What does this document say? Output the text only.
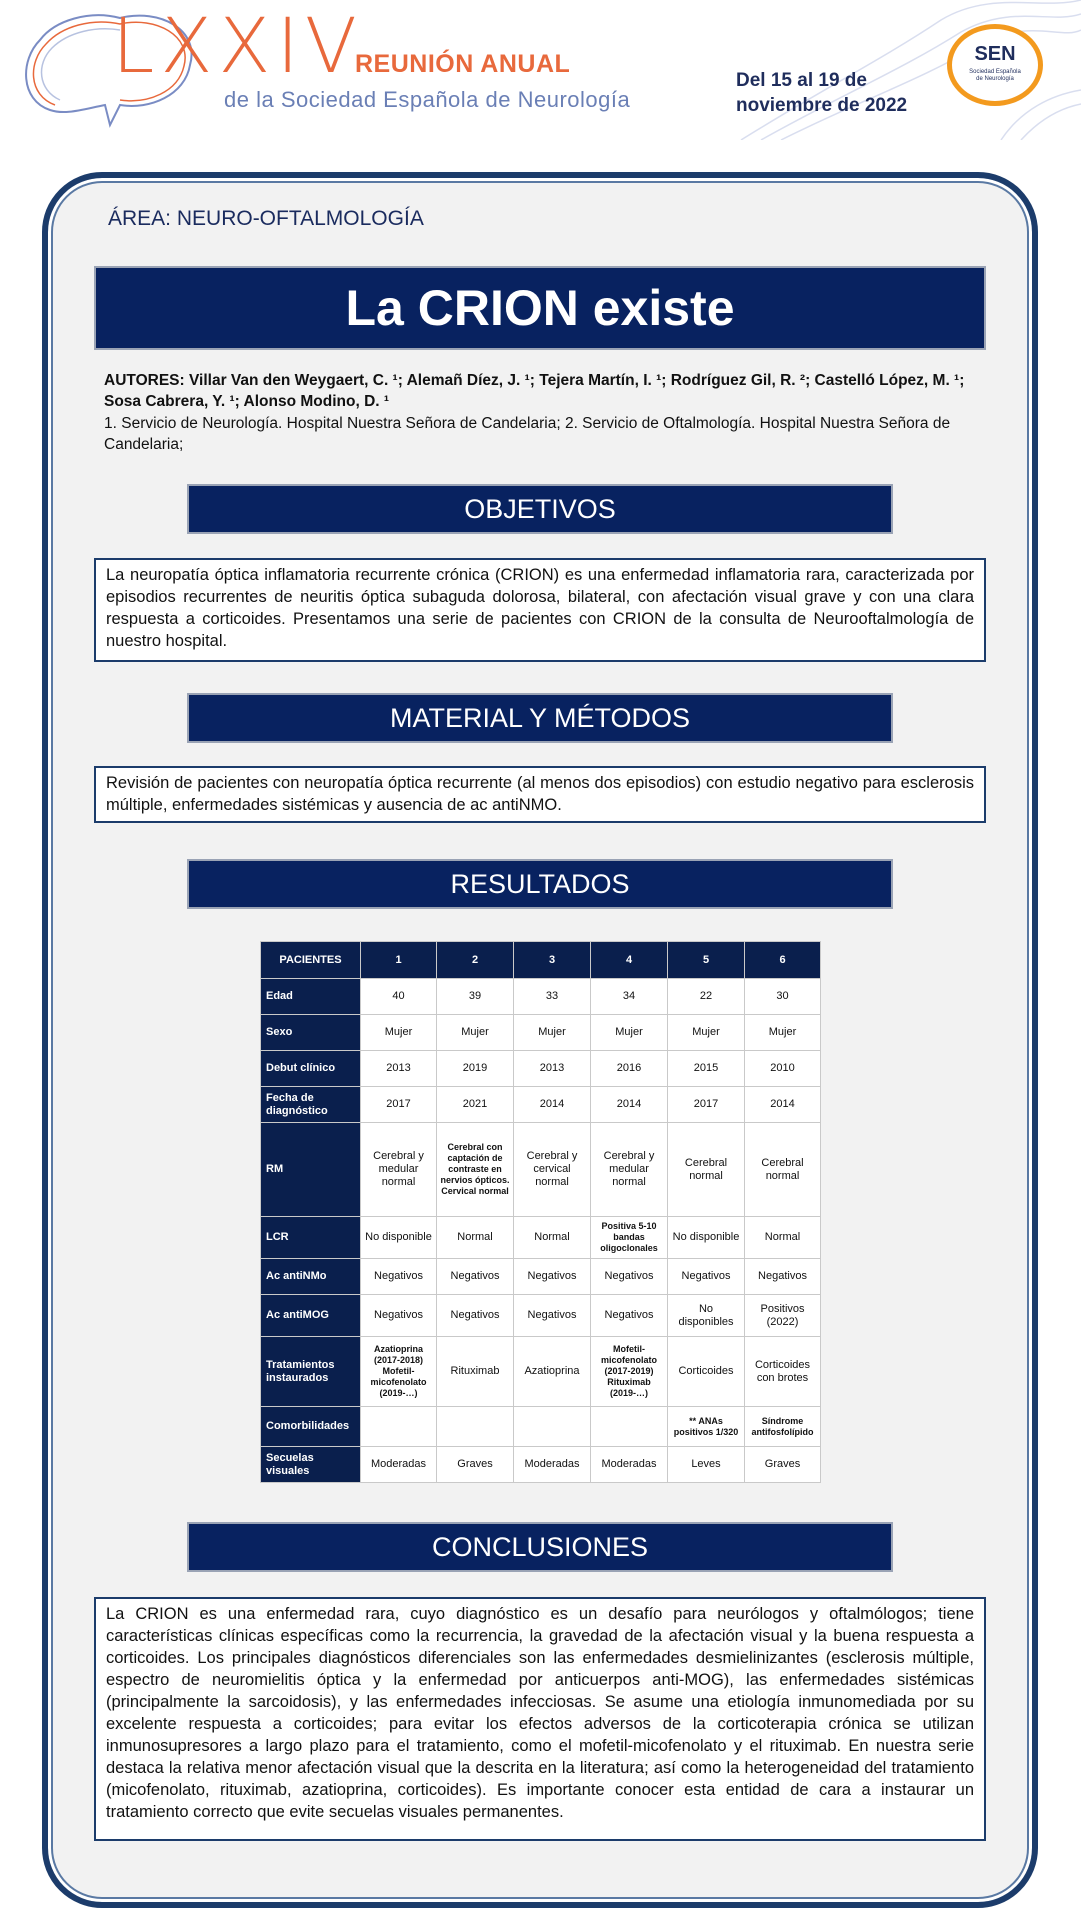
LXXIV
REUNIÓN ANUAL
de la Sociedad Española de Neurología
Del 15 al 19 de
noviembre de 2022
SEN
Sociedad Española
de Neurología
ÁREA: NEURO-OFTALMOLOGÍA
La CRION existe
AUTORES: Villar Van den Weygaert, C. ¹; Alemañ Díez, J. ¹; Tejera Martín, I. ¹; Rodríguez Gil, R. ²; Castelló López, M. ¹;
Sosa Cabrera, Y. ¹; Alonso Modino, D. ¹
1. Servicio de Neurología. Hospital Nuestra Señora de Candelaria; 2. Servicio de Oftalmología. Hospital Nuestra Señora de Candelaria;
OBJETIVOS
La neuropatía óptica inflamatoria recurrente crónica (CRION) es una enfermedad inflamatoria rara, caracterizada por episodios recurrentes de neuritis óptica subaguda dolorosa, bilateral, con afectación visual grave y con una clara respuesta a corticoides. Presentamos una serie de pacientes con CRION de la consulta de Neurooftalmología de nuestro hospital.
MATERIAL Y MÉTODOS
Revisión de pacientes con neuropatía óptica recurrente (al menos dos episodios) con estudio negativo para esclerosis múltiple, enfermedades sistémicas y ausencia de ac antiNMO.
RESULTADOS
PACIENTES	1	2	3	4	5	6
Edad	40	39	33	34	22	30
Sexo	Mujer	Mujer	Mujer	Mujer	Mujer	Mujer
Debut clínico	2013	2019	2013	2016	2015	2010
Fecha de diagnóstico	2017	2021	2014	2014	2017	2014
RM	Cerebral y medular normal	Cerebral con captación de contraste en nervios ópticos. Cervical normal	Cerebral y cervical normal	Cerebral y medular normal	Cerebral normal	Cerebral normal
LCR	No disponible	Normal	Normal	Positiva 5-10 bandas oligoclonales	No disponible	Normal
Ac antiNMo	Negativos	Negativos	Negativos	Negativos	Negativos	Negativos
Ac antiMOG	Negativos	Negativos	Negativos	Negativos	No disponibles	Positivos (2022)
Tratamientos instaurados	Azatioprina (2017-2018) Mofetil-micofenolato (2019-…)	Rituximab	Azatioprina	Mofetil-micofenolato (2017-2019) Rituximab (2019-…)	Corticoides	Corticoides con brotes
Comorbilidades					** ANAs positivos 1/320	Síndrome antifosfolípido
Secuelas visuales	Moderadas	Graves	Moderadas	Moderadas	Leves	Graves
CONCLUSIONES
La CRION es una enfermedad rara, cuyo diagnóstico es un desafío para neurólogos y oftalmólogos; tiene características clínicas específicas como la recurrencia, la gravedad de la afectación visual y la buena respuesta a corticoides. Los principales diagnósticos diferenciales son las enfermedades desmielinizantes (esclerosis múltiple, espectro de neuromielitis óptica y la enfermedad por anticuerpos anti-MOG), las enfermedades sistémicas (principalmente la sarcoidosis), y las enfermedades infecciosas. Se asume una etiología inmunomediada por su excelente respuesta a corticoides; para evitar los efectos adversos de la corticoterapia crónica se utilizan inmunosupresores a largo plazo para el tratamiento, como el mofetil-micofenolato y el rituximab. En nuestra serie destaca la relativa menor afectación visual que la descrita en la literatura; así como la heterogeneidad del tratamiento (micofenolato, rituximab, azatioprina, corticoides). Es importante conocer esta entidad de cara a instaurar un tratamiento correcto que evite secuelas visuales permanentes.
